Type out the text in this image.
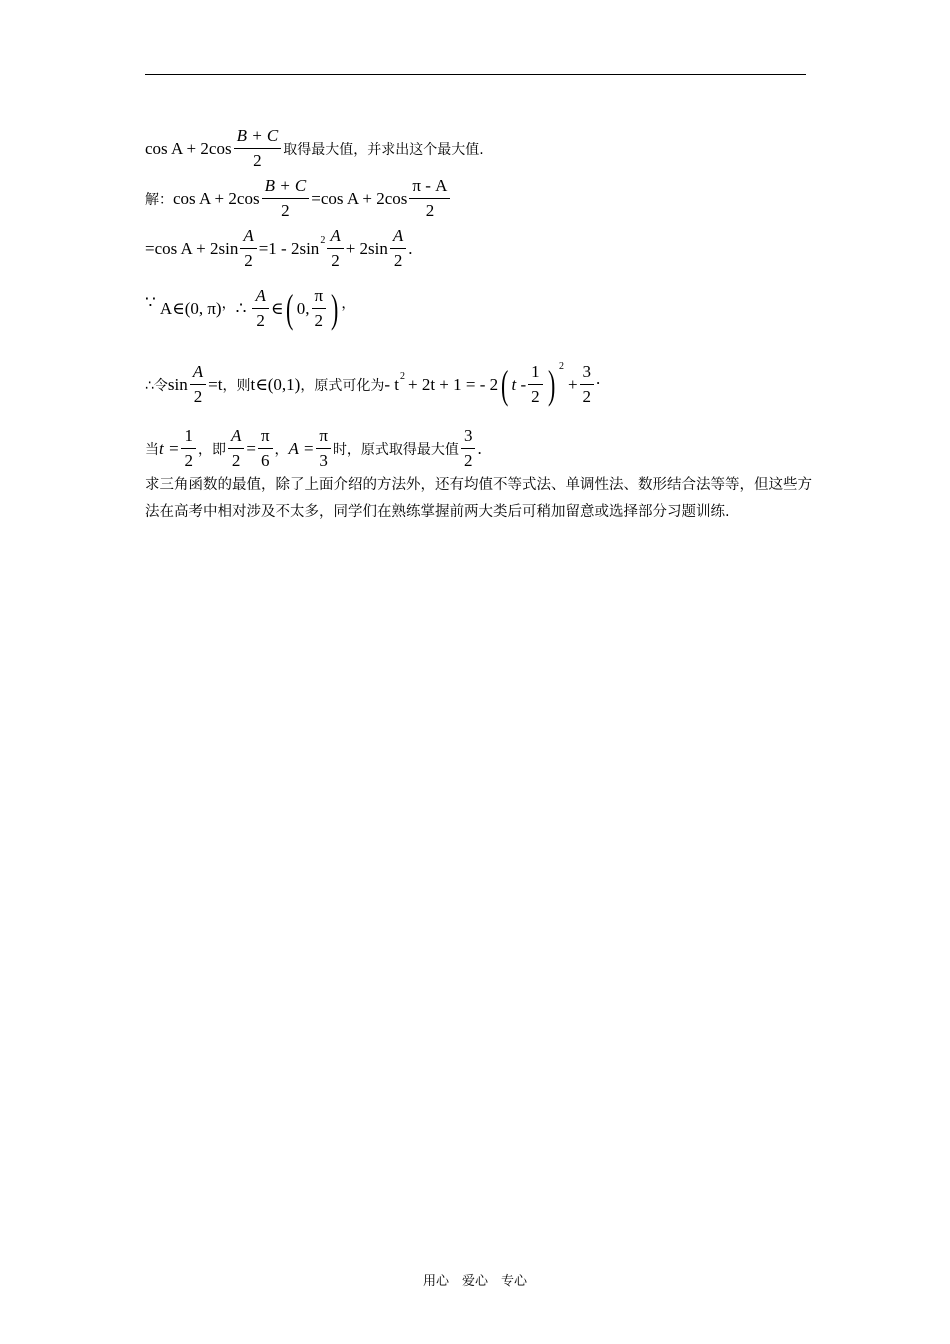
$\cos A + 2\cos \frac{B + C}{2}$ 取得最大值，并求出这个最大值.
解： $\cos A + 2\cos \frac{B + C}{2} =\cos$ $A + 2\cos \frac{\pi - A}{2}$
=cos $A + 2\sin \frac{A}{2} =1 - 2\sin$ $2 \frac{A}{2} + 2\sin \frac{A}{2}$ .
∵ A∈(0, π) ， ∴ $\frac{A}{2}$ ∈ ( 0, $\frac{\pi}{2}$ ) ，
∴令 $\sin \frac{A}{2} =t$ ，则 t∈(0,1) ， 原式可化为 - t 2 + 2t + 1 = - 2 ( t - $\frac{1}{2}$ ) 2
+ $\frac{3}{2}$ .
当 $t = \frac{1}{2}$ ，即 $\frac{A}{2} = \frac{\pi}{6}$ ， $A = \frac{\pi}{3}$ 时，原式取得最大值 $\frac{3}{2}$ .
求三角函数的最值，除了上面介绍的方法外，还有均值不等式法、单调性法、数形结合法等等，但这些方法在高考中相对涉及不太多，同学们在熟练掌握前两大类后可稍加留意或选择部分习题训练.
用心　爱心　专心
